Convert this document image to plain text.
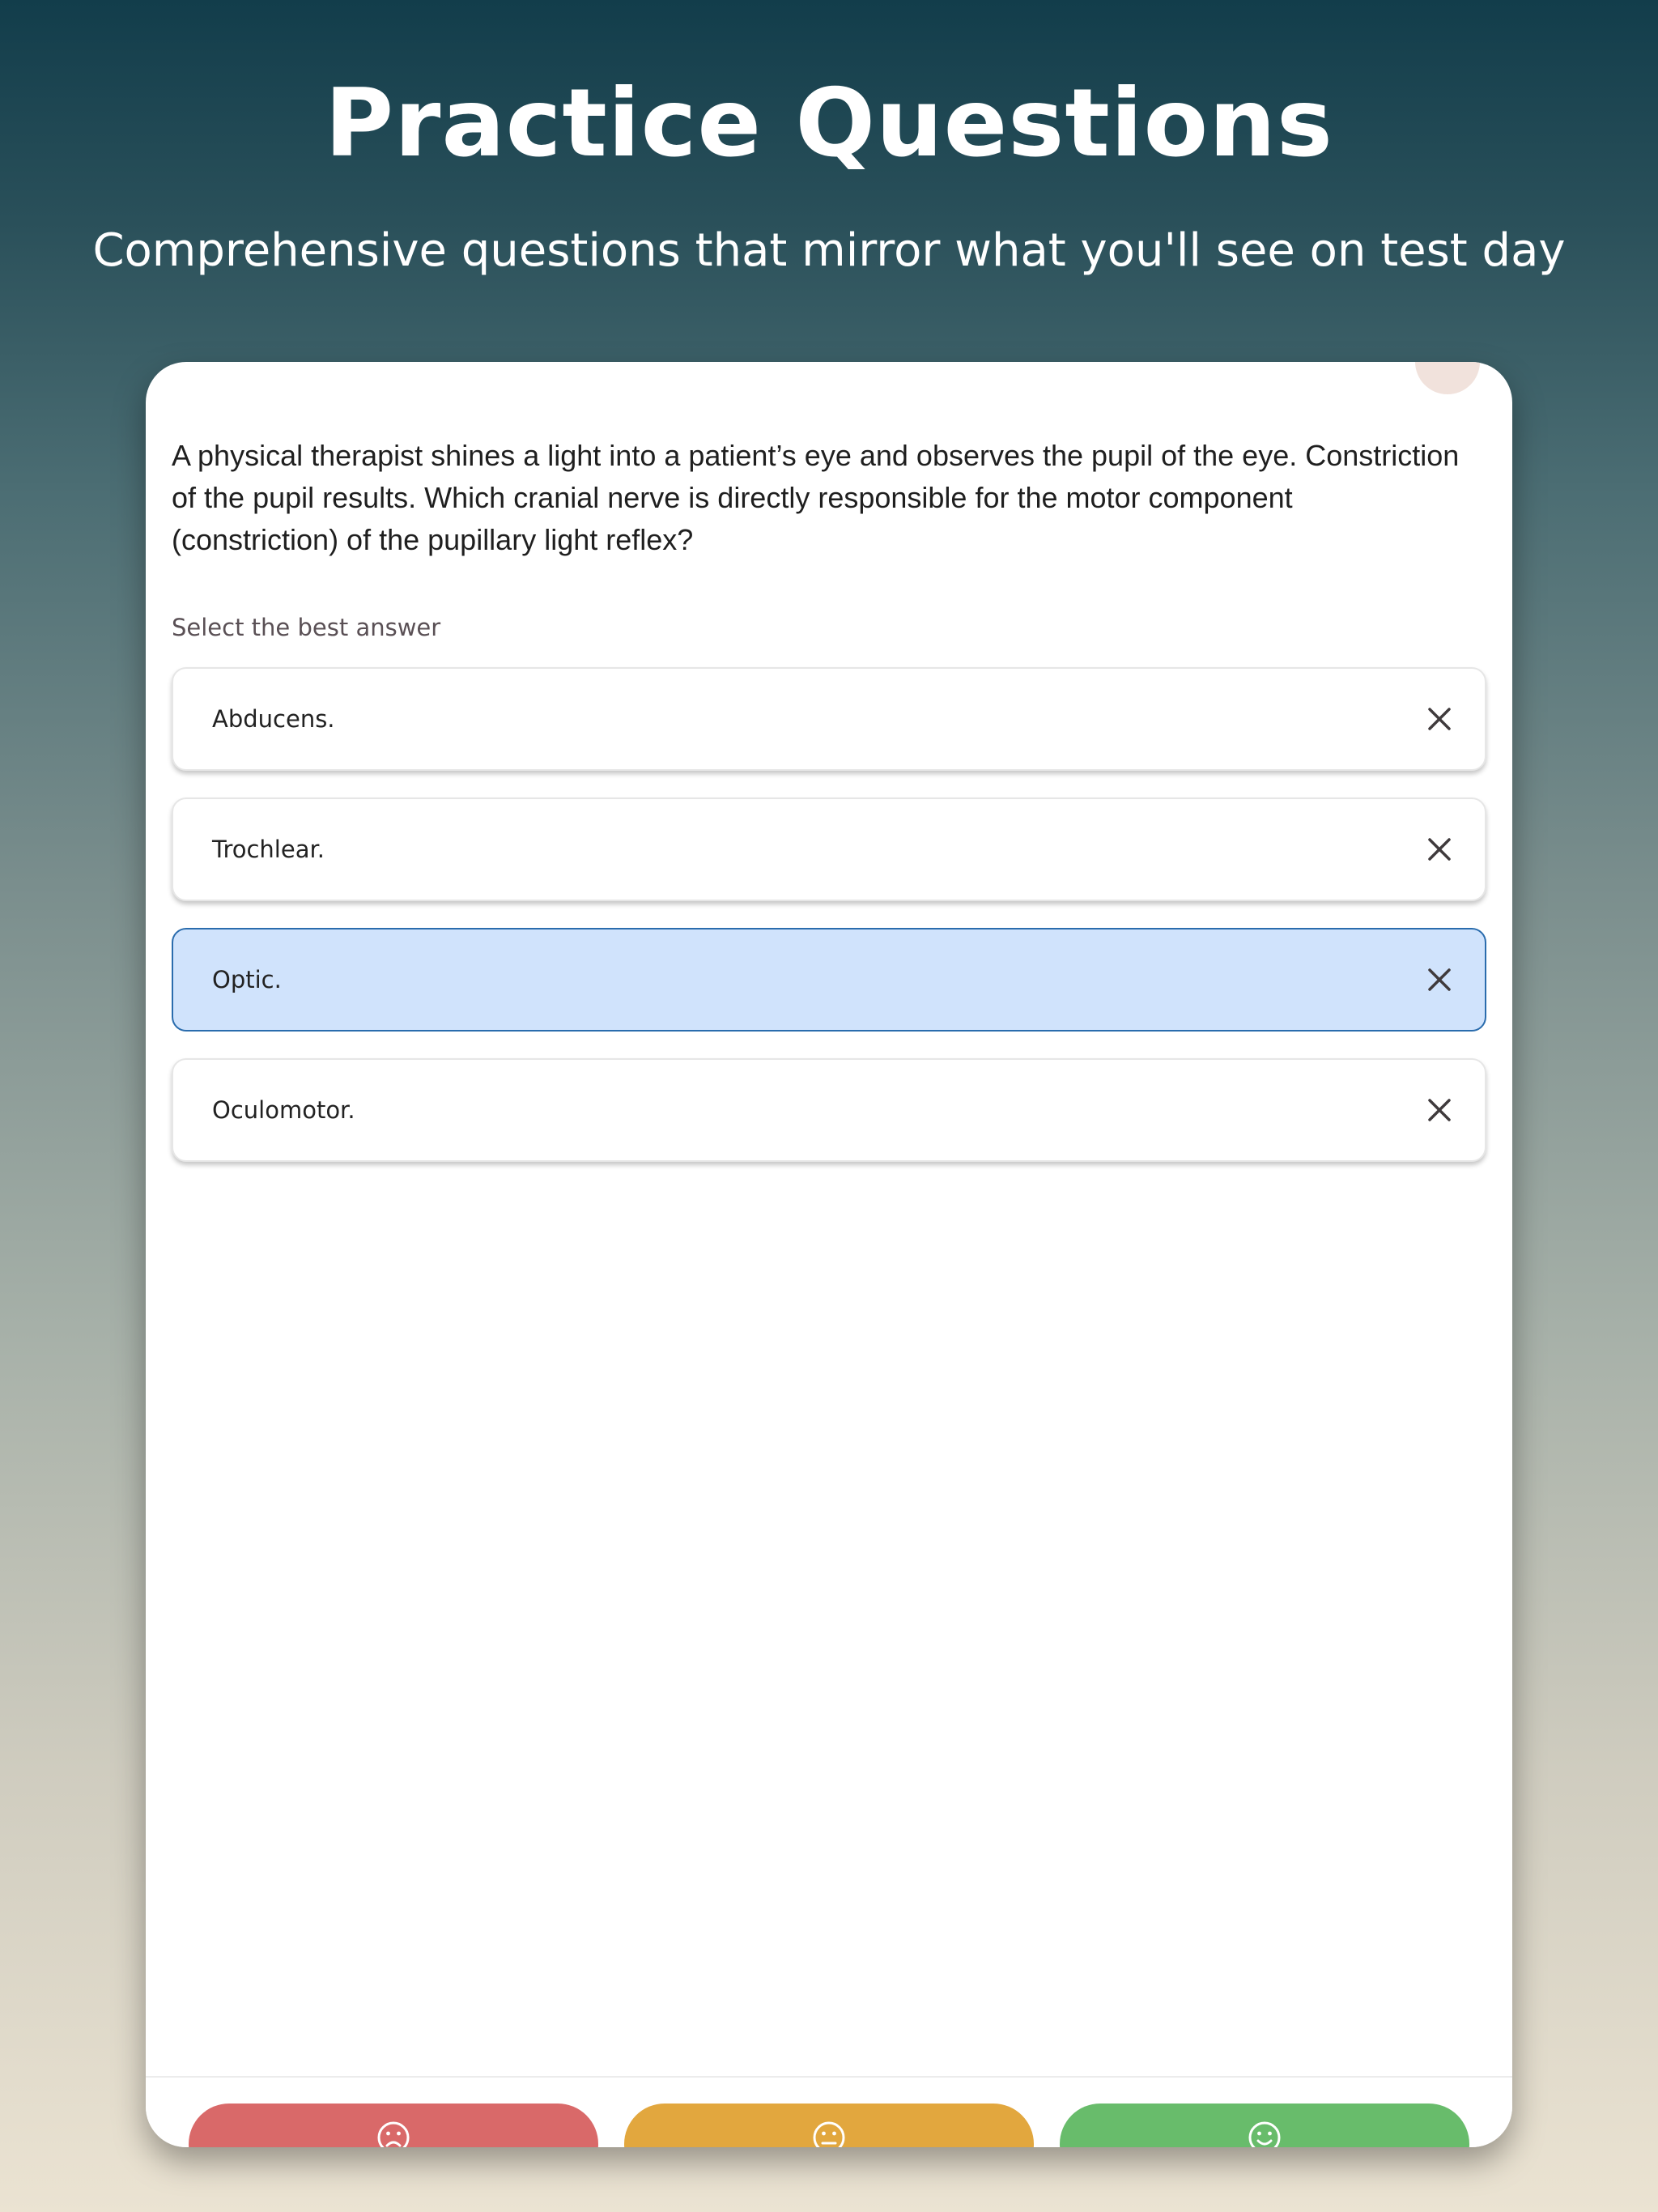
Practice Questions
Comprehensive questions that mirror what you'll see on test day
A physical therapist shines a light into a patient’s eye and observes the pupil of the eye. Constriction of the pupil results. Which cranial nerve is directly responsible for the motor component (constriction) of the pupillary light reflex?
Select the best answer
Abducens.
Trochlear.
Optic.
Oculomotor.
